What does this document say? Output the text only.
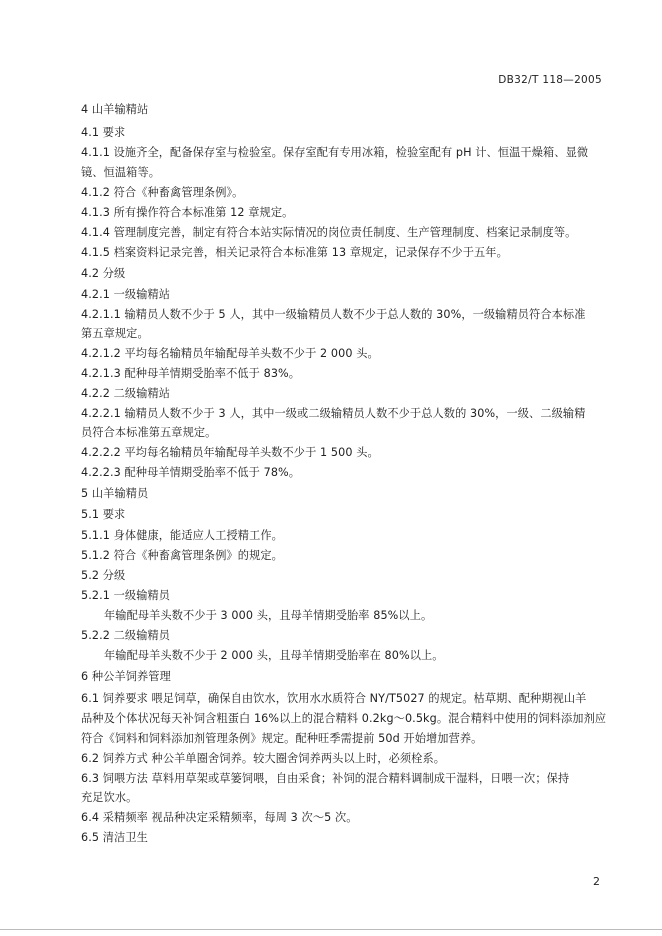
DB32/T 118—2005
4 山羊输精站
4.1 要求
4.1.1 设施齐全，配备保存室与检验室。保存室配有专用冰箱，检验室配有 pH 计、恒温干燥箱、显微
镜、恒温箱等。
4.1.2 符合《种畜禽管理条例》。
4.1.3 所有操作符合本标准第 12 章规定。
4.1.4 管理制度完善，制定有符合本站实际情况的岗位责任制度、生产管理制度、档案记录制度等。
4.1.5 档案资料记录完善，相关记录符合本标准第 13 章规定，记录保存不少于五年。
4.2 分级
4.2.1 一级输精站
4.2.1.1 输精员人数不少于 5 人，其中一级输精员人数不少于总人数的 30%，一级输精员符合本标准
第五章规定。
4.2.1.2 平均每名输精员年输配母羊头数不少于 2 000 头。
4.2.1.3 配种母羊情期受胎率不低于 83%。
4.2.2 二级输精站
4.2.2.1 输精员人数不少于 3 人，其中一级或二级输精员人数不少于总人数的 30%，一级、二级输精
员符合本标准第五章规定。
4.2.2.2 平均每名输精员年输配母羊头数不少于 1 500 头。
4.2.2.3 配种母羊情期受胎率不低于 78%。
5 山羊输精员
5.1 要求
5.1.1 身体健康，能适应人工授精工作。
5.1.2 符合《种畜禽管理条例》的规定。
5.2 分级
5.2.1 一级输精员
年输配母羊头数不少于 3 000 头，且母羊情期受胎率 85%以上。
5.2.2 二级输精员
年输配母羊头数不少于 2 000 头，且母羊情期受胎率在 80%以上。
6 种公羊饲养管理
6.1 饲养要求 喂足饲草，确保自由饮水，饮用水水质符合 NY/T5027 的规定。枯草期、配种期视山羊
品种及个体状况每天补饲含粗蛋白 16%以上的混合精料 0.2kg～0.5kg。混合精料中使用的饲料添加剂应
符合《饲料和饲料添加剂管理条例》规定。配种旺季需提前 50d 开始增加营养。
6.2 饲养方式 种公羊单圈舍饲养。较大圈舍饲养两头以上时，必须栓系。
6.3 饲喂方法 草料用草架或草篓饲喂，自由采食；补饲的混合精料调制成干湿料，日喂一次；保持
充足饮水。
6.4 采精频率 视品种决定采精频率，每周 3 次～5 次。
6.5 清洁卫生
2
